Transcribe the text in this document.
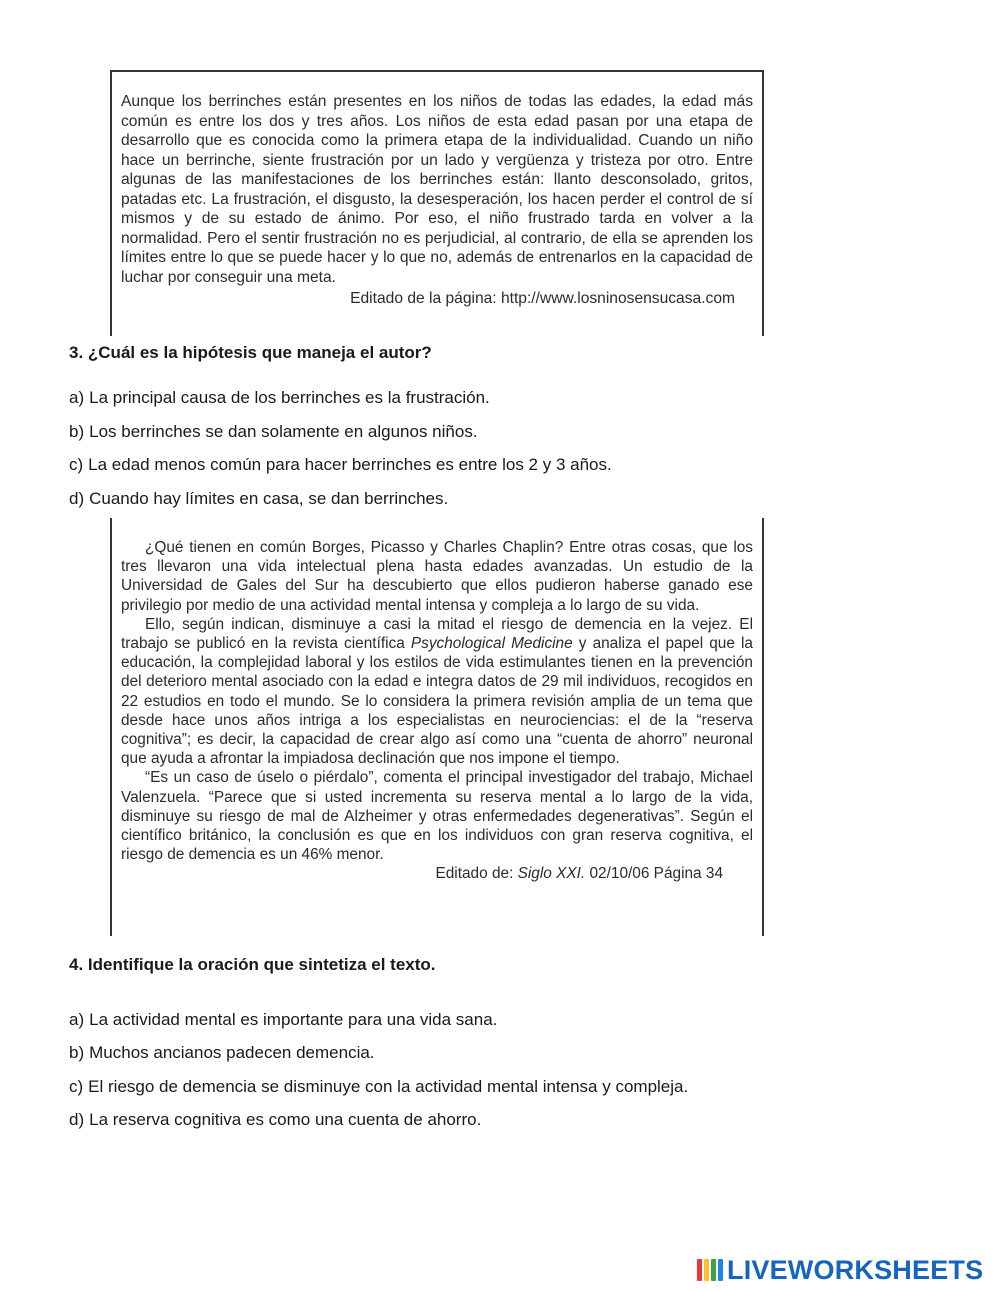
Aunque los berrinches están presentes en los niños de todas las edades, la edad más común es entre los dos y tres años. Los niños de esta edad pasan por una etapa de desarrollo que es conocida como la primera etapa de la individualidad. Cuando un niño hace un berrinche, siente frustración por un lado y vergüenza y tristeza por otro. Entre algunas de las manifestaciones de los berrinches están: llanto desconsolado, gritos, patadas etc. La frustración, el disgusto, la desesperación, los hacen perder el control de sí mismos y de su estado de ánimo. Por eso, el niño frustrado tarda en volver a la normalidad. Pero el sentir frustración no es perjudicial, al contrario, de ella se aprenden los límites entre lo que se puede hacer y lo que no, además de entrenarlos en la capacidad de luchar por conseguir una meta.

Editado de la página: http://www.losninosensucasa.com

3. ¿Cuál es la hipótesis que maneja el autor?

a) La principal causa de los berrinches es la frustración.
b) Los berrinches se dan solamente en algunos niños.
c) La edad menos común para hacer berrinches es entre los 2 y 3 años.
d) Cuando hay límites en casa, se dan berrinches.

¿Qué tienen en común Borges, Picasso y Charles Chaplin? Entre otras cosas, que los tres llevaron una vida intelectual plena hasta edades avanzadas. Un estudio de la Universidad de Gales del Sur ha descubierto que ellos pudieron haberse ganado ese privilegio por medio de una actividad mental intensa y compleja a lo largo de su vida.

Ello, según indican, disminuye a casi la mitad el riesgo de demencia en la vejez. El trabajo se publicó en la revista científica Psychological Medicine y analiza el papel que la educación, la complejidad laboral y los estilos de vida estimulantes tienen en la prevención del deterioro mental asociado con la edad e integra datos de 29 mil individuos, recogidos en 22 estudios en todo el mundo. Se lo considera la primera revisión amplia de un tema que desde hace unos años intriga a los especialistas en neurociencias: el de la “reserva cognitiva”; es decir, la capacidad de crear algo así como una “cuenta de ahorro” neuronal que ayuda a afrontar la impiadosa declinación que nos impone el tiempo.

“Es un caso de úselo o piérdalo”, comenta el principal investigador del trabajo, Michael Valenzuela. “Parece que si usted incrementa su reserva mental a lo largo de la vida, disminuye su riesgo de mal de Alzheimer y otras enfermedades degenerativas”. Según el científico británico, la conclusión es que en los individuos con gran reserva cognitiva, el riesgo de demencia es un 46% menor.

Editado de: Siglo XXI. 02/10/06 Página 34

4. Identifique la oración que sintetiza el texto.

a) La actividad mental es importante para una vida sana.
b) Muchos ancianos padecen demencia.
c) El riesgo de demencia se disminuye con la actividad mental intensa y compleja.
d) La reserva cognitiva es como una cuenta de ahorro.
LIVEWORKSHEETS
